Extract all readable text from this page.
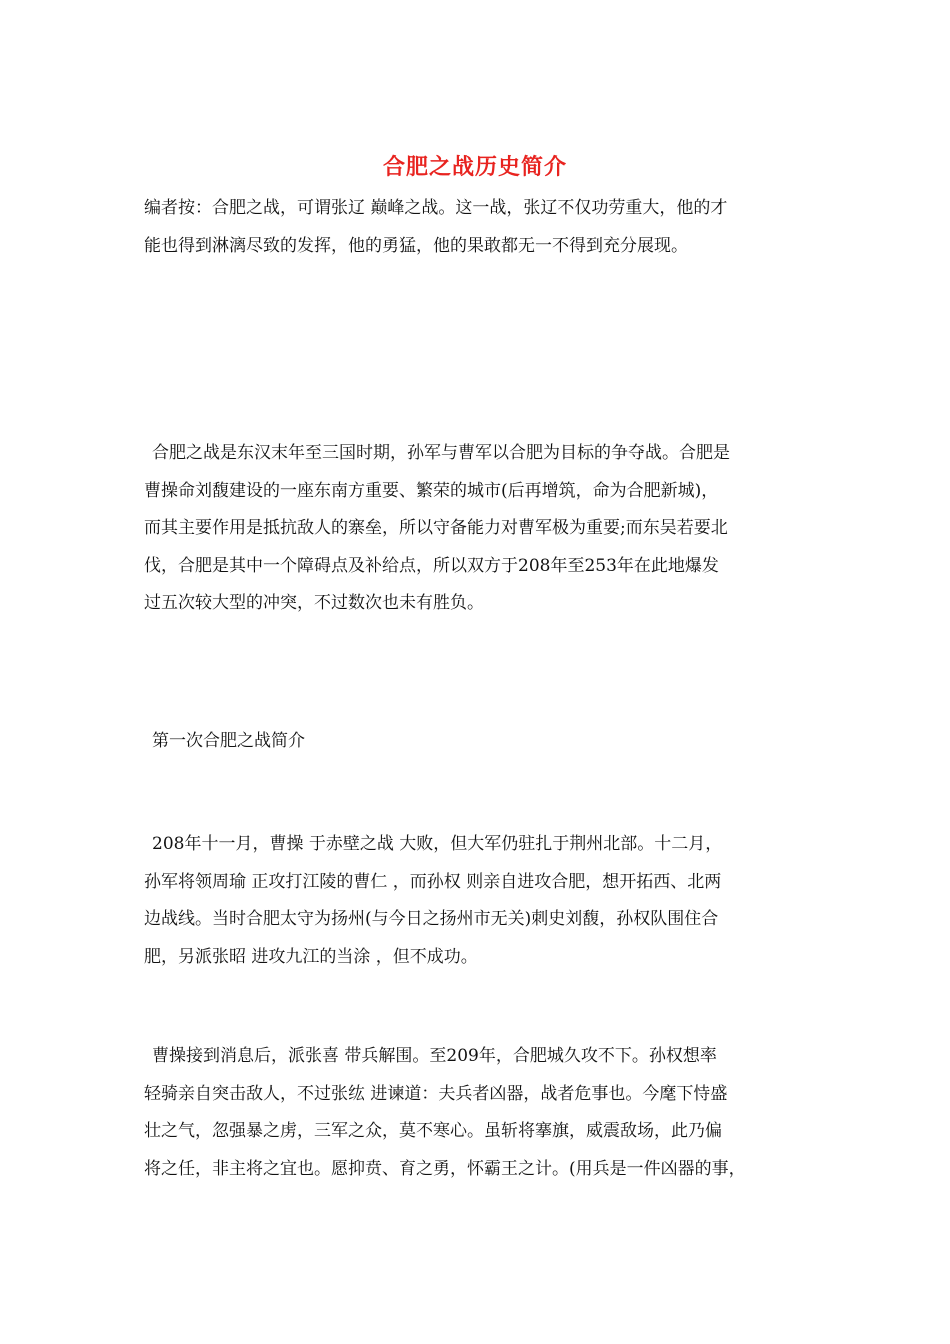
合肥之战历史简介

编者按：合肥之战，可谓张辽 巅峰之战。这一战，张辽不仅功劳重大，他的才
能也得到淋漓尽致的发挥，他的勇猛，他的果敢都无一不得到充分展现。

合肥之战是东汉末年至三国时期，孙军与曹军以合肥为目标的争夺战。合肥是
曹操命刘馥建设的一座东南方重要、繁荣的城市(后再增筑，命为合肥新城)，
而其主要作用是抵抗敌人的寨垒，所以守备能力对曹军极为重要;而东吴若要北
伐，合肥是其中一个障碍点及补给点，所以双方于208年至253年在此地爆发
过五次较大型的冲突，不过数次也未有胜负。

第一次合肥之战简介

208年十一月，曹操 于赤壁之战 大败，但大军仍驻扎于荆州北部。十二月，
孙军将领周瑜 正攻打江陵的曹仁 ，而孙权 则亲自进攻合肥，想开拓西、北两
边战线。当时合肥太守为扬州(与今日之扬州市无关)刺史刘馥，孙权队围住合
肥，另派张昭 进攻九江的当涂 ，但不成功。

曹操接到消息后，派张喜 带兵解围。至209年，合肥城久攻不下。孙权想率
轻骑亲自突击敌人，不过张纮 进谏道：夫兵者凶器，战者危事也。今麾下恃盛
壮之气，忽强暴之虏，三军之众，莫不寒心。虽斩将搴旗，威震敌场，此乃偏
将之任，非主将之宜也。愿抑贲、育之勇，怀霸王之计。(用兵是一件凶器的事，
